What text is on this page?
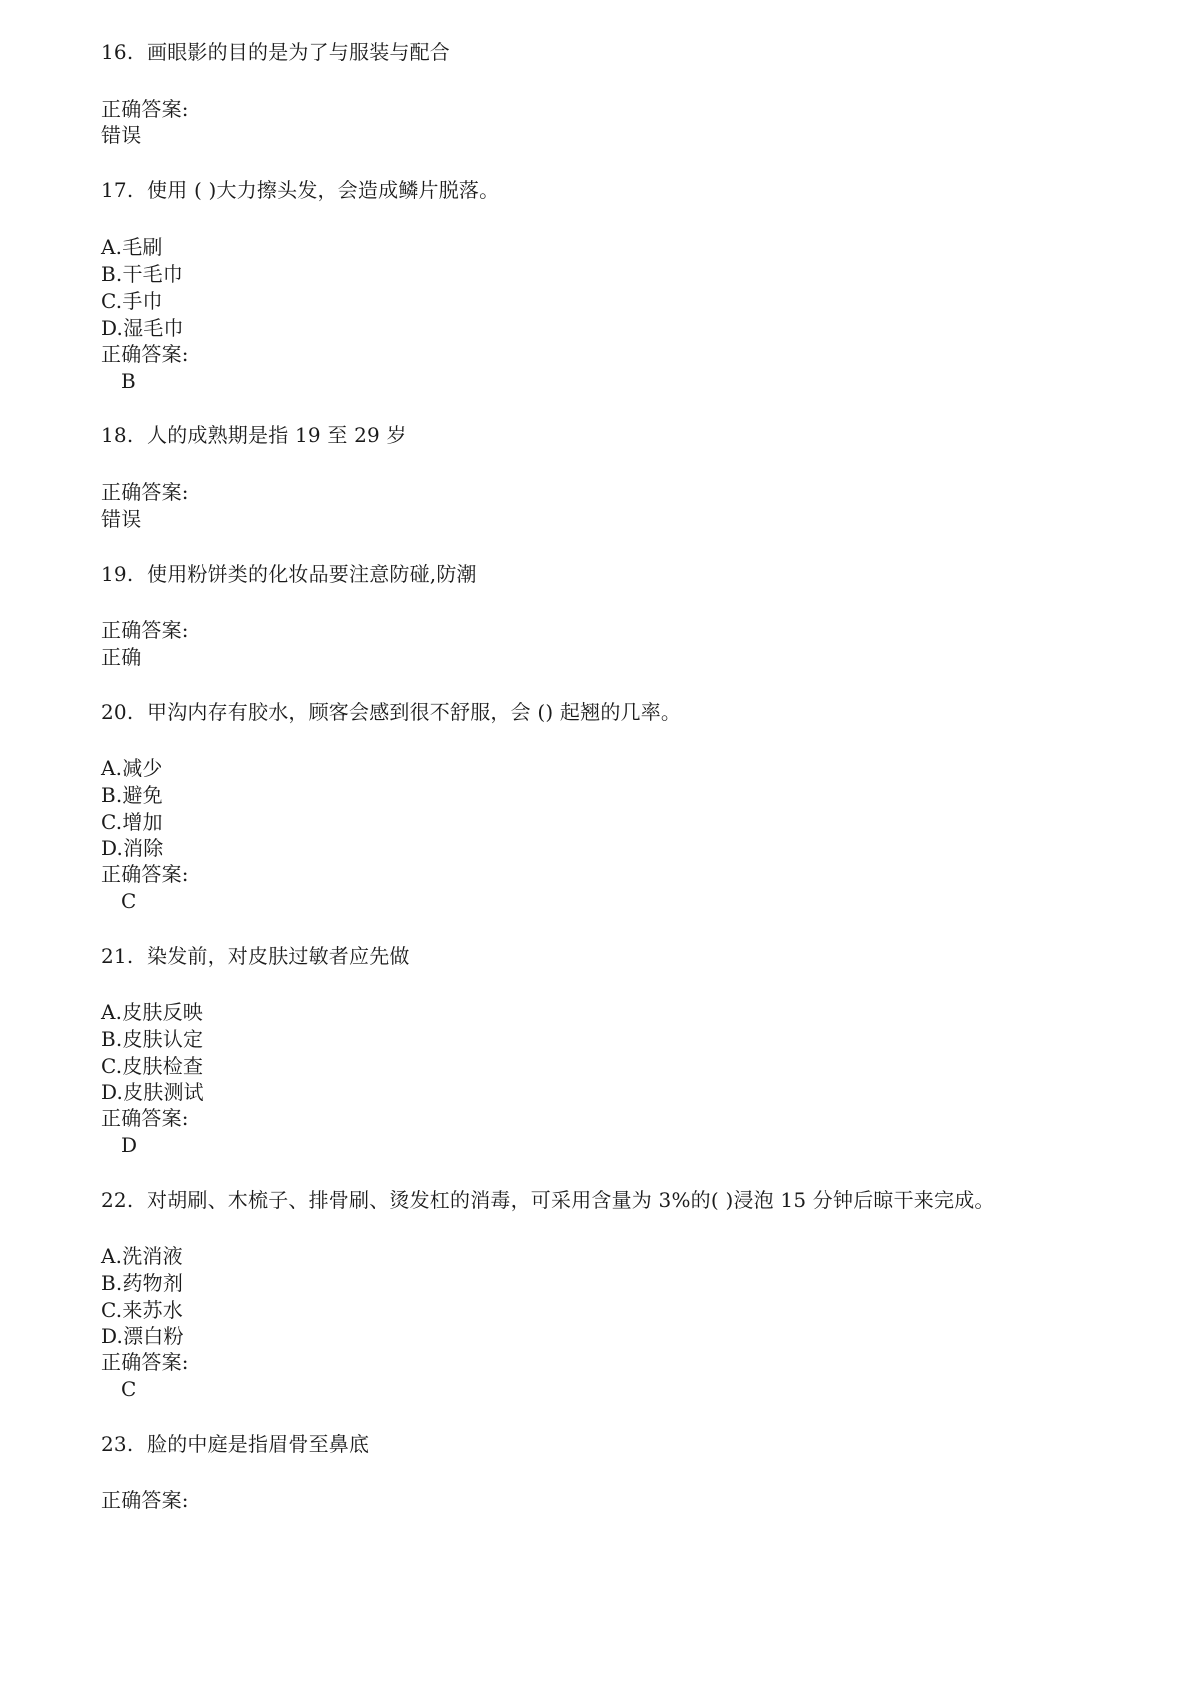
16. 画眼影的目的是为了与服装与配合
正确答案:
错误
17. 使用 ( )大力擦头发，会造成鳞片脱落。
A.毛刷
B.干毛巾
C.手巾
D.湿毛巾
正确答案:
B
18. 人的成熟期是指 19 至 29 岁
正确答案:
错误
19. 使用粉饼类的化妆品要注意防碰,防潮
正确答案:
正确
20. 甲沟内存有胶水，顾客会感到很不舒服，会 () 起翘的几率。
A.减少
B.避免
C.增加
D.消除
正确答案:
C
21. 染发前，对皮肤过敏者应先做
A.皮肤反映
B.皮肤认定
C.皮肤检查
D.皮肤测试
正确答案:
D
22. 对胡刷、木梳子、排骨刷、烫发杠的消毒，可采用含量为 3%的( )浸泡 15 分钟后晾干来完成。
A.洗消液
B.药物剂
C.来苏水
D.漂白粉
正确答案:
C
23. 脸的中庭是指眉骨至鼻底
正确答案:
